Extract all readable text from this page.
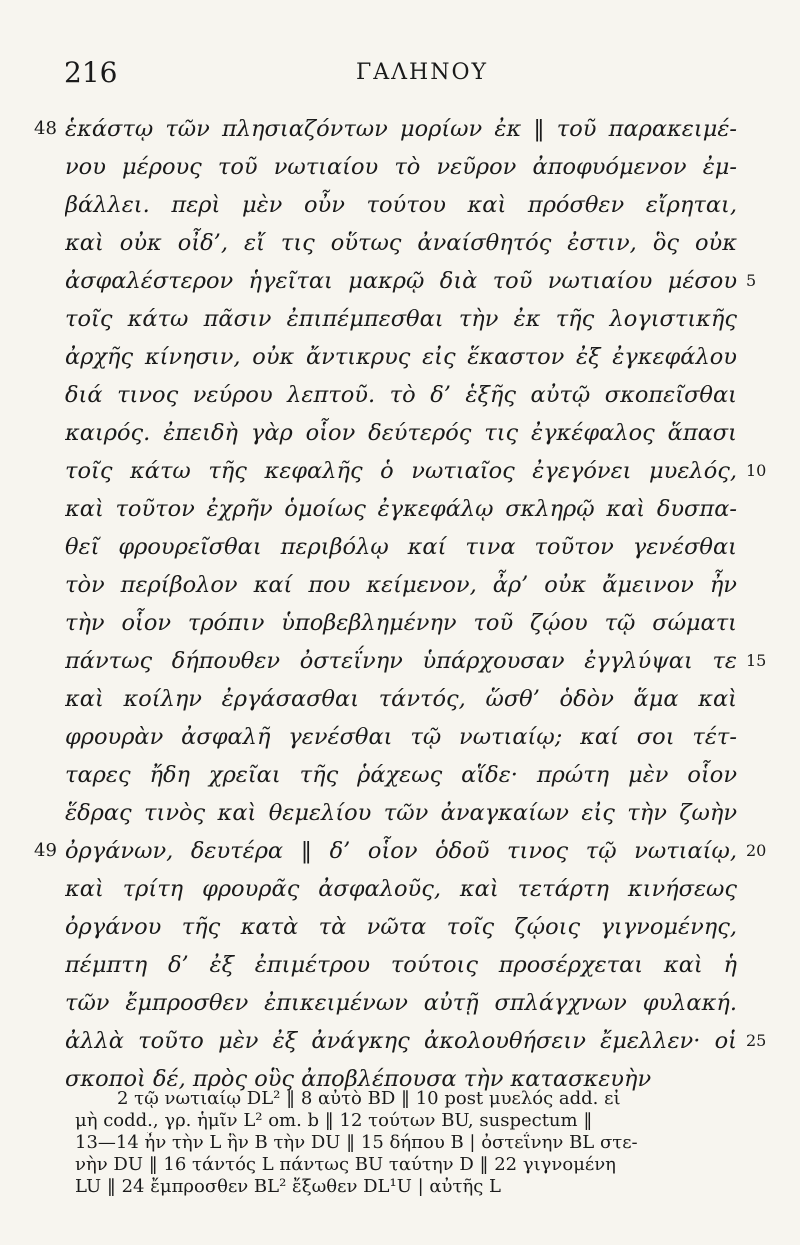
216	ΓΑΛΗΝΟΥ
48 ἑκάστῳ τῶν πλησιαζόντων μορίων ἐκ ‖ τοῦ παρακειμέ-
νου μέρους τοῦ νωτιαίου τὸ νεῦρον ἀποφυόμενον ἐμ-
βάλλει. περὶ μὲν οὖν τούτου καὶ πρόσθεν εἴρηται,
καὶ οὐκ οἶδ’, εἴ τις οὕτως ἀναίσθητός ἐστιν, ὃς οὐκ
ἀσφαλέστερον ἡγεῖται μακρῷ διὰ τοῦ νωτιαίου μέσου 5
τοῖς κάτω πᾶσιν ἐπιπέμπεσθαι τὴν ἐκ τῆς λογιστικῆς
ἀρχῆς κίνησιν, οὐκ ἄντικρυς εἰς ἕκαστον ἐξ ἐγκεφάλου
διά τινος νεύρου λεπτοῦ. τὸ δ’ ἑξῆς αὐτῷ σκοπεῖσθαι
καιρός. ἐπειδὴ γὰρ οἷον δεύτερός τις ἐγκέφαλος ἅπασι
τοῖς κάτω τῆς κεφαλῆς ὁ νωτιαῖος ἐγεγόνει μυελός, 10
καὶ τοῦτον ἐχρῆν ὁμοίως ἐγκεφάλῳ σκληρῷ καὶ δυσπα-
θεῖ φρουρεῖσθαι περιβόλῳ καί τινα τοῦτον γενέσθαι
τὸν περίβολον καί που κείμενον, ἆρ’ οὐκ ἄμεινον ἦν
τὴν οἷον τρόπιν ὑποβεβλημένην τοῦ ζῴου τῷ σώματι
πάντως δήπουθεν ὀστεΐνην ὑπάρχουσαν ἐγγλύψαι τε 15
καὶ κοίλην ἐργάσασθαι τάντός, ὥσθ’ ὁδὸν ἅμα καὶ
φρουρὰν ἀσφαλῆ γενέσθαι τῷ νωτιαίῳ; καί σοι τέτ-
ταρες ἤδη χρεῖαι τῆς ῥάχεως αἵδε· πρώτη μὲν οἷον
ἕδρας τινὸς καὶ θεμελίου τῶν ἀναγκαίων εἰς τὴν ζωὴν
49 ὀργάνων, δευτέρα ‖ δ’ οἷον ὁδοῦ τινος τῷ νωτιαίῳ, 20
καὶ τρίτη φρουρᾶς ἀσφαλοῦς, καὶ τετάρτη κινήσεως
ὀργάνου τῆς κατὰ τὰ νῶτα τοῖς ζῴοις γιγνομένης,
πέμπτη δ’ ἐξ ἐπιμέτρου τούτοις προσέρχεται καὶ ἡ
τῶν ἔμπροσθεν ἐπικειμένων αὐτῇ σπλάγχνων φυλακή.
ἀλλὰ τοῦτο μὲν ἐξ ἀνάγκης ἀκολουθήσειν ἔμελλεν· οἱ 25
σκοποὶ δέ, πρὸς οὓς ἀποβλέπουσα τὴν κατασκευὴν
2 τῷ νωτιαίῳ DL² ‖ 8 αὐτὸ BD ‖ 10 post μυελός add. εἰ
μὴ codd., γρ. ἡμῖν L² om. b ‖ 12 τούτων BU, suspectum ‖
13—14 ἦν τὴν L ἣν B τὴν DU ‖ 15 δήπου B | ὀστεΐνην BL στε-
νὴν DU ‖ 16 τάντός L πάντως BU ταύτην D ‖ 22 γιγνομένη
LU ‖ 24 ἔμπροσθεν BL² ἔξωθεν DL¹U | αὐτῆς L
